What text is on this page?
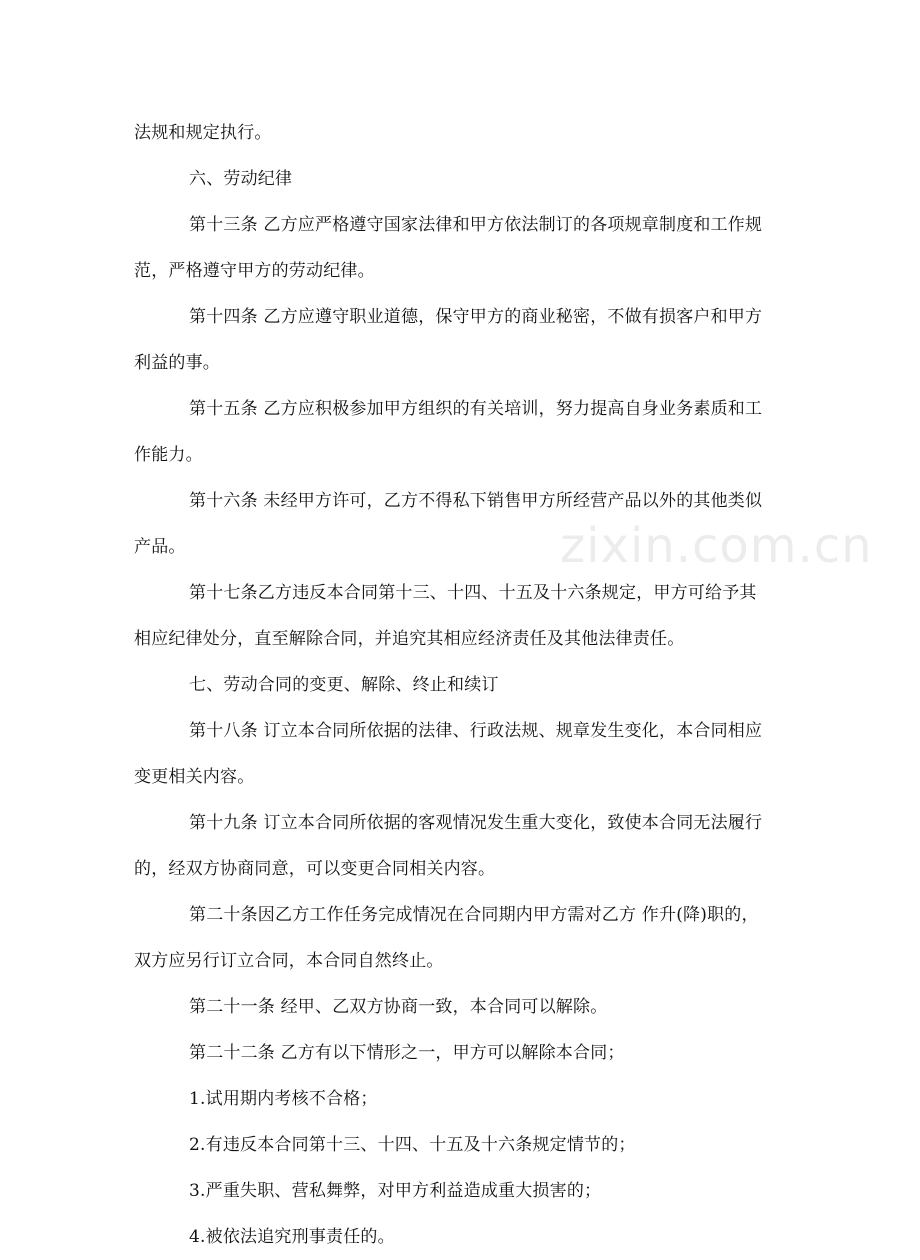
法规和规定执行。
六、劳动纪律
第十三条 乙方应严格遵守国家法律和甲方依法制订的各项规章制度和工作规
范，严格遵守甲方的劳动纪律。
第十四条 乙方应遵守职业道德，保守甲方的商业秘密，不做有损客户和甲方
利益的事。
第十五条 乙方应积极参加甲方组织的有关培训，努力提高自身业务素质和工
作能力。
第十六条 未经甲方许可，乙方不得私下销售甲方所经营产品以外的其他类似
产品。
第十七条乙方违反本合同第十三、十四、十五及十六条规定，甲方可给予其
相应纪律处分，直至解除合同，并追究其相应经济责任及其他法律责任。
七、劳动合同的变更、解除、终止和续订
第十八条 订立本合同所依据的法律、行政法规、规章发生变化，本合同相应
变更相关内容。
第十九条 订立本合同所依据的客观情况发生重大变化，致使本合同无法履行
的，经双方协商同意，可以变更合同相关内容。
第二十条因乙方工作任务完成情况在合同期内甲方需对乙方 作升(降)职的，
双方应另行订立合同，本合同自然终止。
第二十一条 经甲、乙双方协商一致，本合同可以解除。
第二十二条 乙方有以下情形之一，甲方可以解除本合同；
1.试用期内考核不合格；
2.有违反本合同第十三、十四、十五及十六条规定情节的；
3.严重失职、营私舞弊，对甲方利益造成重大损害的；
4.被依法追究刑事责任的。
zixin.com.cn
